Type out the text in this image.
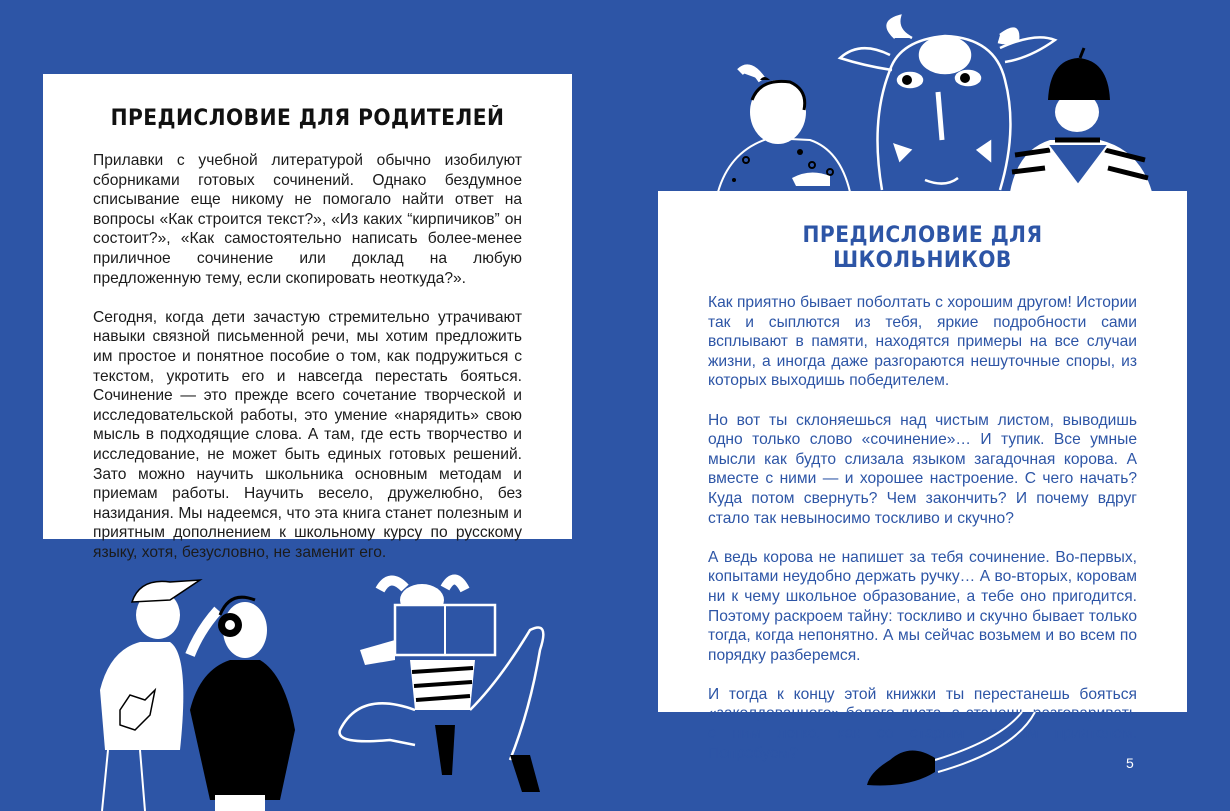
ПРЕДИСЛОВИЕ ДЛЯ РОДИТЕЛЕЙ

Прилавки с учебной литературой обычно изобилуют сборниками готовых сочинений. Однако бездумное списывание еще никому не помогало найти ответ на вопросы «Как строится текст?», «Из каких “кирпичиков” он состоит?», «Как самостоятельно написать более-менее приличное сочинение или доклад на любую предложенную тему, если скопировать неоткуда?».

Сегодня, когда дети зачастую стремительно утрачивают навыки связной письменной речи, мы хотим предложить им простое и понятное пособие о том, как подружиться с текстом, укротить его и навсегда перестать бояться. Сочинение — это прежде всего сочетание творческой и исследовательской работы, это умение «нарядить» свою мысль в подходящие слова. А там, где есть творчество и исследование, не может быть единых готовых решений. Зато можно научить школьника основным методам и приемам работы. Научить весело, дружелюбно, без назидания. Мы надеемся, что эта книга станет полезным и приятным дополнением к школьному курсу по русскому языку, хотя, безусловно, не заменит его.

ПРЕДИСЛОВИЕ ДЛЯ ШКОЛЬНИКОВ

Как приятно бывает поболтать с хорошим другом! Истории так и сыплются из тебя, яркие подробности сами всплывают в памяти, находятся примеры на все случаи жизни, а иногда даже разгораются нешуточные споры, из которых выходишь победителем.

Но вот ты склоняешься над чистым листом, выводишь одно только слово «сочинение»… И тупик. Все умные мысли как будто слизала языком загадочная корова. А вместе с ними — и хорошее настроение. С чего начать? Куда потом свернуть? Чем закончить? И почему вдруг стало так невыносимо тоскливо и скучно?

А ведь корова не напишет за тебя сочинение. Во-первых, копытами неудобно держать ручку… А во-вторых, коровам ни к чему школьное образование, а тебе оно пригодится. Поэтому раскроем тайну: тоскливо и скучно бывает только тогда, когда непонятно. А мы сейчас возьмем и во всем по порядку разберемся.

И тогда к концу этой книжки ты перестанешь бояться «заколдованного» белого листа, а станешь разговаривать с ним легко, как со старым добрым приятелем. Попробуем?

5
